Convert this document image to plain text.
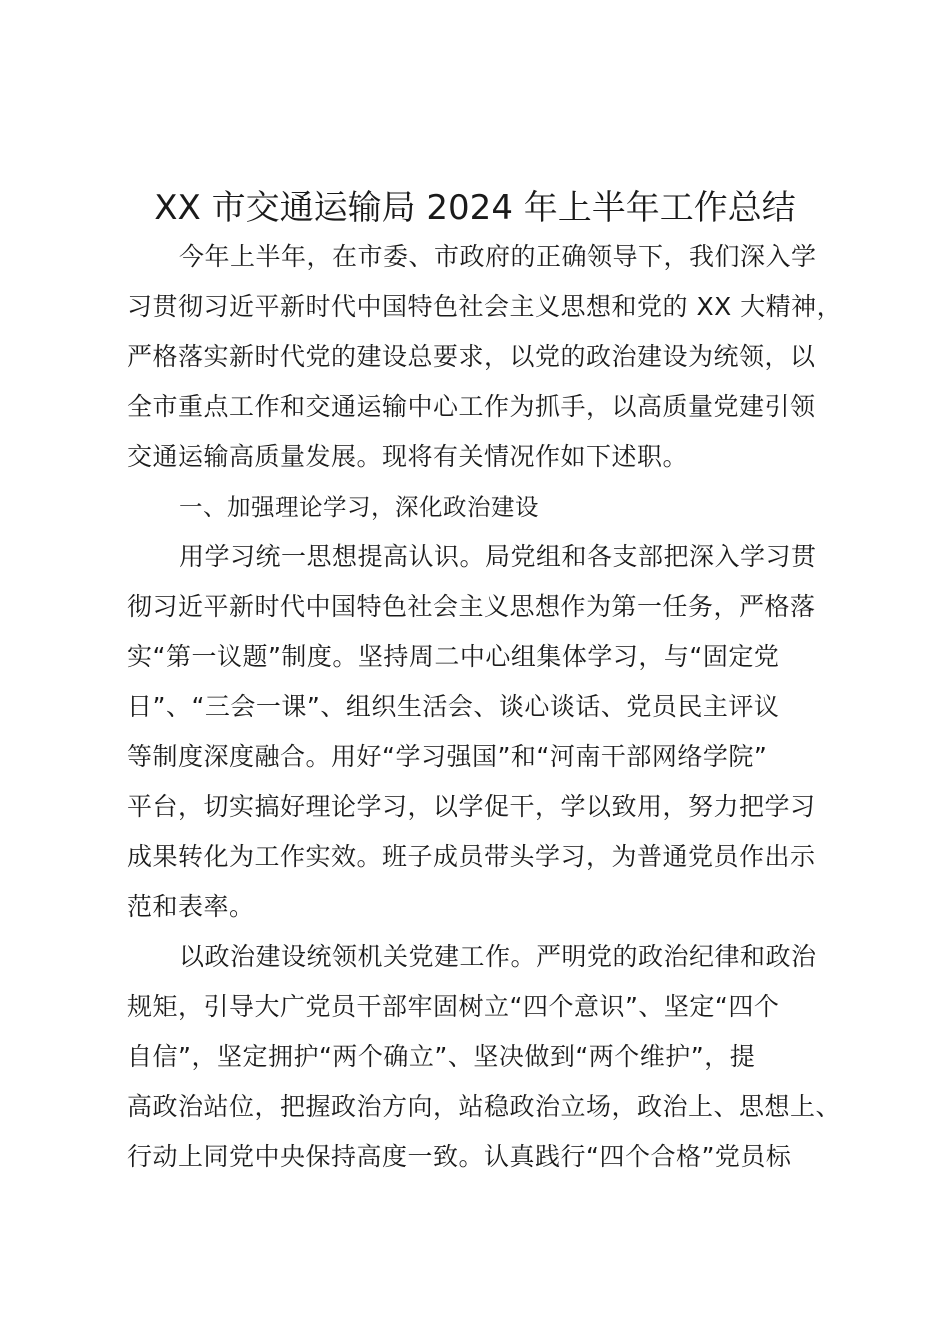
XX 市交通运输局 2024 年上半年工作总结
今年上半年，在市委、市政府的正确领导下，我们深入学
习贯彻习近平新时代中国特色社会主义思想和党的 XX 大精神，
严格落实新时代党的建设总要求，以党的政治建设为统领，以
全市重点工作和交通运输中心工作为抓手，以高质量党建引领
交通运输高质量发展。现将有关情况作如下述职。
一、加强理论学习，深化政治建设
用学习统一思想提高认识。局党组和各支部把深入学习贯
彻习近平新时代中国特色社会主义思想作为第一任务，严格落
实“第一议题”制度。坚持周二中心组集体学习，与“固定党
日”、“三会一课”、组织生活会、谈心谈话、党员民主评议
等制度深度融合。用好“学习强国”和“河南干部网络学院”
平台，切实搞好理论学习，以学促干，学以致用，努力把学习
成果转化为工作实效。班子成员带头学习，为普通党员作出示
范和表率。
以政治建设统领机关党建工作。严明党的政治纪律和政治
规矩，引导大广党员干部牢固树立“四个意识”、坚定“四个
自信”，坚定拥护“两个确立”、坚决做到“两个维护”，提
高政治站位，把握政治方向，站稳政治立场，政治上、思想上、
行动上同党中央保持高度一致。认真践行“四个合格”党员标
